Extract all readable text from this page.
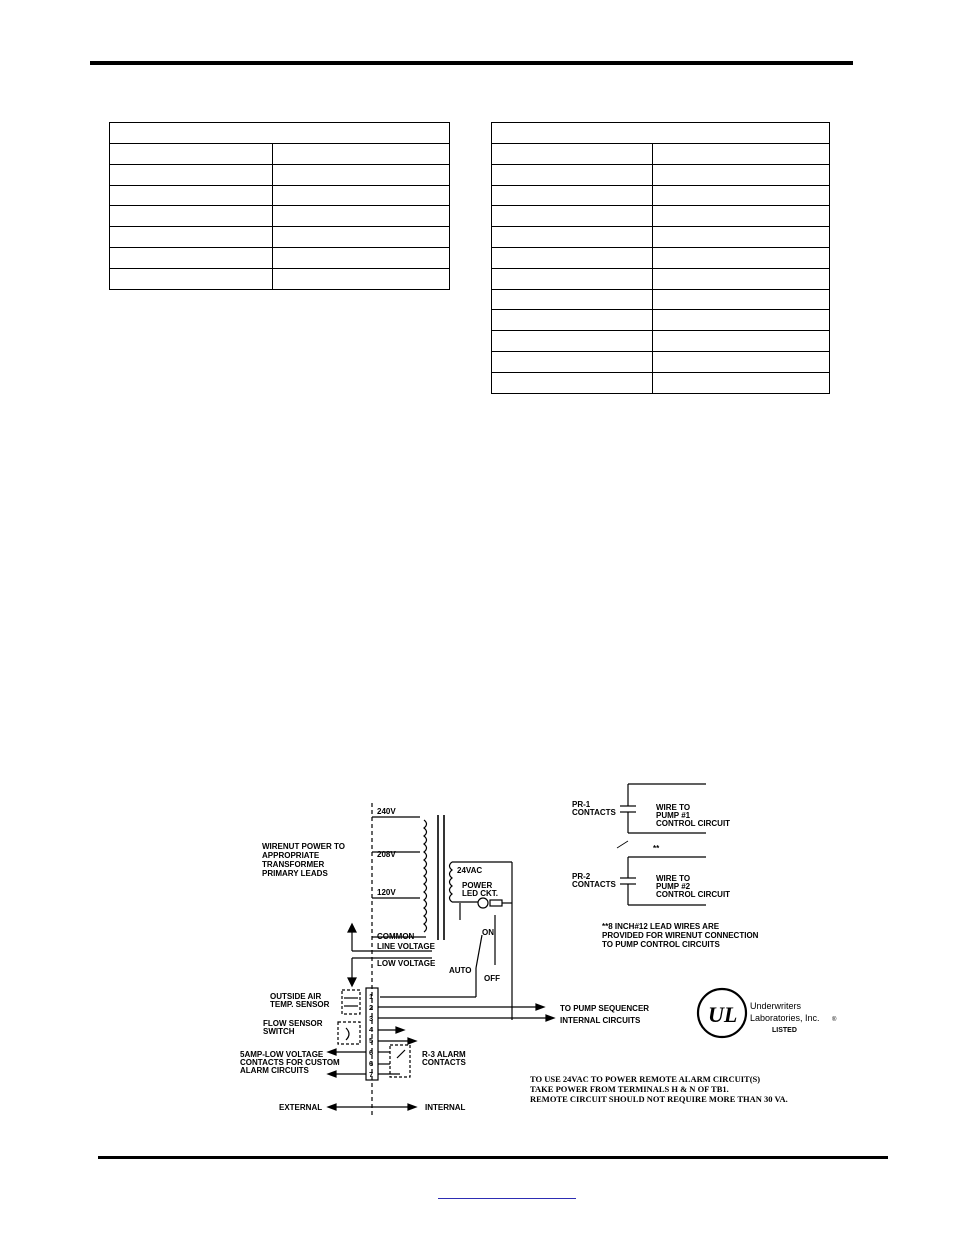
1
2
3
4
5
6
6
7
240V
208V
120V
COMMON
WIRENUT POWER TO
APPROPRIATE
TRANSFORMER
PRIMARY LEADS
LINE VOLTAGE
LOW VOLTAGE
24VAC
POWER
LED CKT.
ON
OFF
AUTO
OUTSIDE AIR
TEMP. SENSOR
FLOW SENSOR
SWITCH
5AMP-LOW VOLTAGE
CONTACTS FOR CUSTOM
ALARM CIRCUITS
R-3 ALARM
CONTACTS
TO PUMP SEQUENCER
INTERNAL CIRCUITS
EXTERNAL	INTERNAL
PR-1
CONTACTS
WIRE TO
PUMP #1
CONTROL CIRCUIT
**
PR-2
CONTACTS
WIRE TO
PUMP #2
CONTROL CIRCUIT
**8 INCH#12 LEAD WIRES ARE
PROVIDED FOR WIRENUT CONNECTION
TO PUMP CONTROL CIRCUITS
UL Underwriters
Laboratories, Inc. ®
LISTED
TO USE 24VAC TO POWER REMOTE ALARM CIRCUIT(S)
TAKE POWER FROM TERMINALS H & N OF TB1.
REMOTE CIRCUIT SHOULD NOT REQUIRE MORE THAN 30 VA.
